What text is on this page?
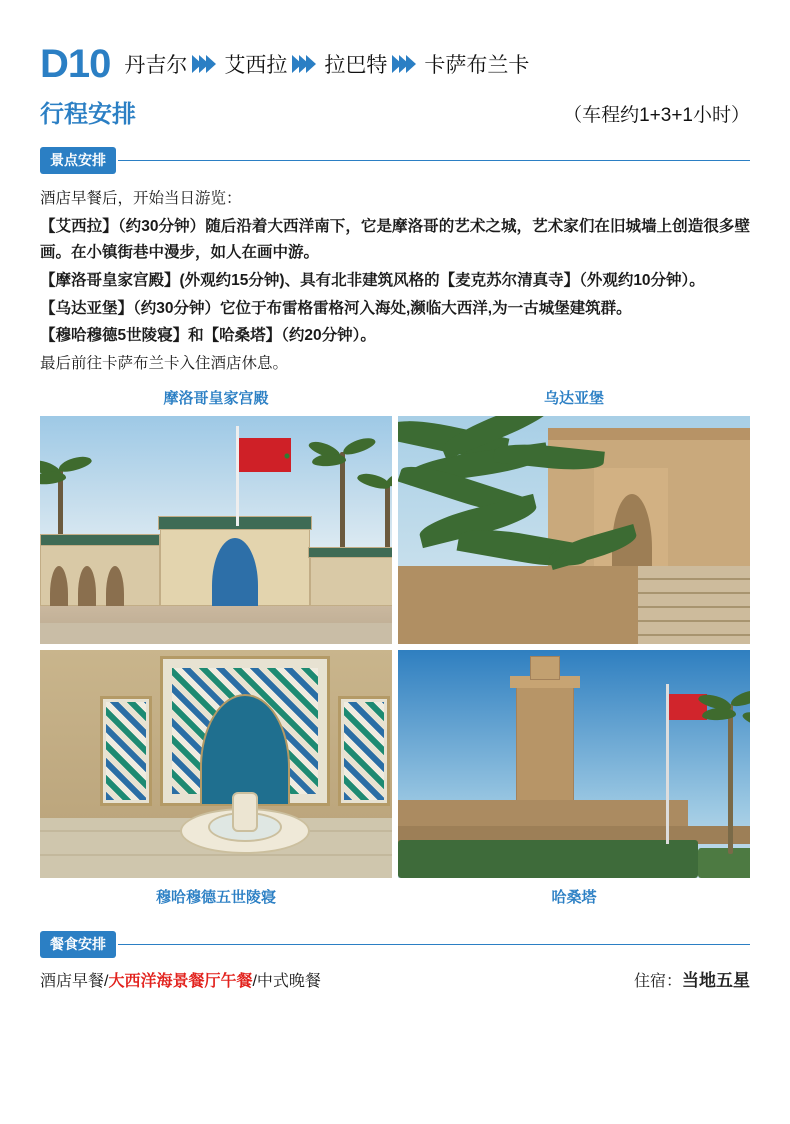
D10 丹吉尔 艾西拉 拉巴特 卡萨布兰卡
行程安排	（车程约1+3+1小时）
景点安排

酒店早餐后，开始当日游览：

【艾西拉】（约30分钟）随后沿着大西洋南下，它是摩洛哥的艺术之城，艺术家们在旧城墙上创造很多壁画。在小镇街巷中漫步，如人在画中游。

【摩洛哥皇家宫殿】(外观约15分钟)、具有北非建筑风格的【麦克苏尔清真寺】（外观约10分钟）。

【乌达亚堡】（约30分钟）它位于布雷格雷格河入海处,濒临大西洋,为一古城堡建筑群。

【穆哈穆德5世陵寝】和【哈桑塔】（约20分钟）。

最后前往卡萨布兰卡入住酒店休息。

摩洛哥皇家宫殿	乌达亚堡
穆哈穆德五世陵寝	哈桑塔
餐食安排
酒店早餐/大西洋海景餐厅午餐/中式晚餐	住宿：当地五星
